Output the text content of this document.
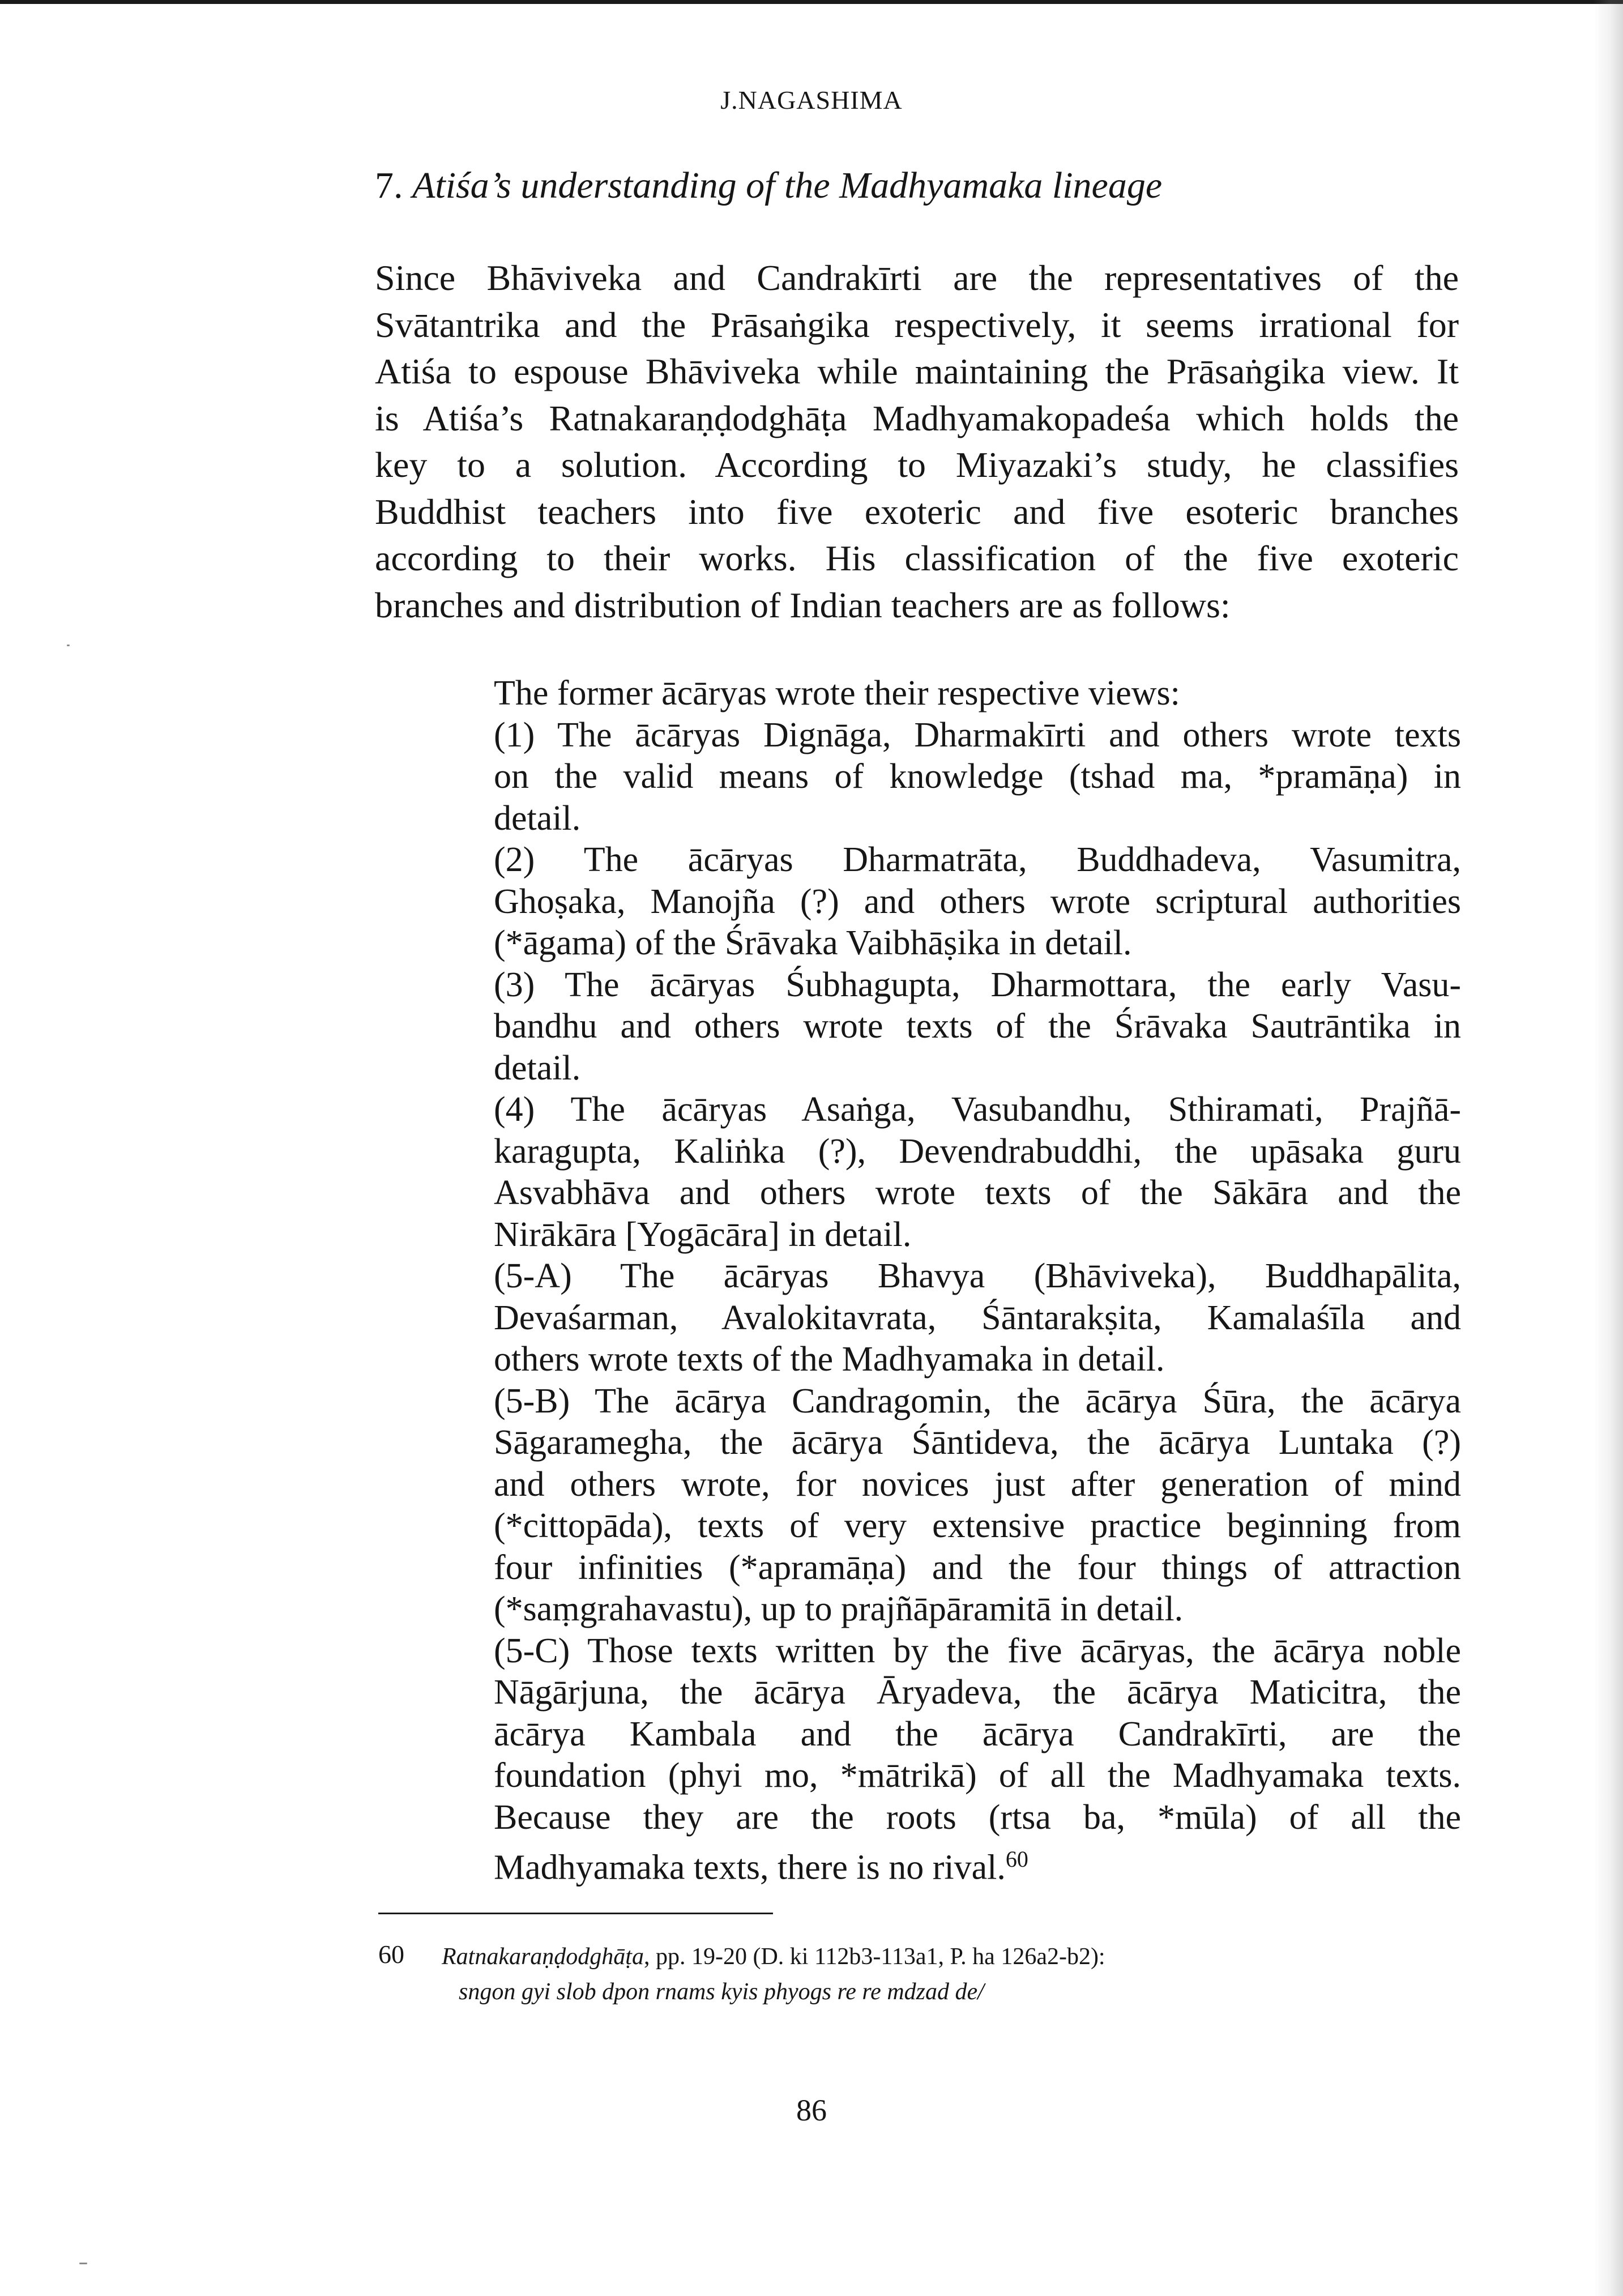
J.NAGASHIMA
7. Atiśa’s understanding of the Madhyamaka lineage
Since Bhāviveka and Candrakīrti are the representatives of the
Svātantrika and the Prāsaṅgika respectively, it seems irrational for
Atiśa to espouse Bhāviveka while maintaining the Prāsaṅgika view. It
is Atiśa’s Ratnakaraṇḍodghāṭa Madhyamakopadeśa which holds the
key to a solution. According to Miyazaki’s study, he classifies
Buddhist teachers into five exoteric and five esoteric branches
according to their works. His classification of the five exoteric
branches and distribution of Indian teachers are as follows:
The former ācāryas wrote their respective views:
(1) The ācāryas Dignāga, Dharmakīrti and others wrote texts
on the valid means of knowledge (tshad ma, *pramāṇa) in
detail.
(2) The ācāryas Dharmatrāta, Buddhadeva, Vasumitra,
Ghoṣaka, Manojña (?) and others wrote scriptural authorities
(*āgama) of the Śrāvaka Vaibhāṣika in detail.
(3) The ācāryas Śubhagupta, Dharmottara, the early Vasu-
bandhu and others wrote texts of the Śrāvaka Sautrāntika in
detail.
(4) The ācāryas Asaṅga, Vasubandhu, Sthiramati, Prajñā-
karagupta, Kaliṅka (?), Devendrabuddhi, the upāsaka guru
Asvabhāva and others wrote texts of the Sākāra and the
Nirākāra [Yogācāra] in detail.
(5-A) The ācāryas Bhavya (Bhāviveka), Buddhapālita,
Devaśarman, Avalokitavrata, Śāntarakṣita, Kamalaśīla and
others wrote texts of the Madhyamaka in detail.
(5-B) The ācārya Candragomin, the ācārya Śūra, the ācārya
Sāgaramegha, the ācārya Śāntideva, the ācārya Luntaka (?)
and others wrote, for novices just after generation of mind
(*cittopāda), texts of very extensive practice beginning from
four infinities (*apramāṇa) and the four things of attraction
(*saṃgrahavastu), up to prajñāpāramitā in detail.
(5-C) Those texts written by the five ācāryas, the ācārya noble
Nāgārjuna, the ācārya Āryadeva, the ācārya Maticitra, the
ācārya Kambala and the ācārya Candrakīrti, are the
foundation (phyi mo, *mātrikā) of all the Madhyamaka texts.
Because they are the roots (rtsa ba, *mūla) of all the
Madhyamaka texts, there is no rival.$^{60}$
60 Ratnakaraṇḍodghāṭa, pp. 19-20 (D. ki 112b3-113a1, P. ha 126a2-b2):
sngon gyi slob dpon rnams kyis phyogs re re mdzad de/
86
